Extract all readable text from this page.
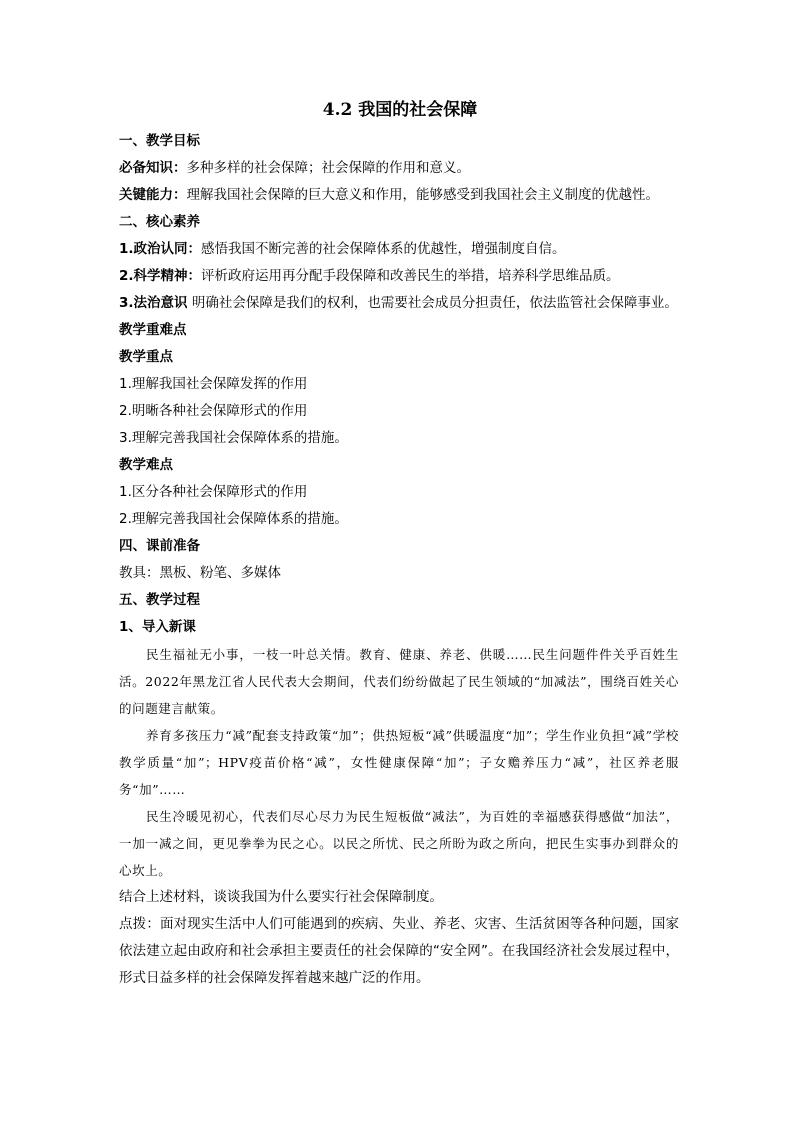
4.2 我国的社会保障

一、教学目标

必备知识：多种多样的社会保障；社会保障的作用和意义。

关键能力：理解我国社会保障的巨大意义和作用，能够感受到我国社会主义制度的优越性。

二、核心素养

1.政治认同：感悟我国不断完善的社会保障体系的优越性，增强制度自信。

2.科学精神：评析政府运用再分配手段保障和改善民生的举措，培养科学思维品质。

3.法治意识 明确社会保障是我们的权利，也需要社会成员分担责任，依法监管社会保障事业。

教学重难点

教学重点

1.理解我国社会保障发挥的作用

2.明晰各种社会保障形式的作用

3.理解完善我国社会保障体系的措施。

教学难点

1.区分各种社会保障形式的作用

2.理解完善我国社会保障体系的措施。

四、课前准备

教具：黑板、粉笔、多媒体

五、教学过程

1、导入新课

民生福祉无小事，一枝一叶总关情。教育、健康、养老、供暖……民生问题件件关乎百姓生活。2022年黑龙江省人民代表大会期间，代表们纷纷做起了民生领域的“加减法”，围绕百姓关心的问题建言献策。

养育多孩压力“减”配套支持政策“加”；供热短板“减”供暖温度“加”；学生作业负担“减”学校教学质量“加”；HPV疫苗价格“减”，女性健康保障“加”；子女赡养压力“减”，社区养老服务“加”……

民生冷暖见初心，代表们尽心尽力为民生短板做“减法”，为百姓的幸福感获得感做“加法”，一加一减之间，更见拳拳为民之心。以民之所忧、民之所盼为政之所向，把民生实事办到群众的心坎上。

结合上述材料，谈谈我国为什么要实行社会保障制度。

点拨：面对现实生活中人们可能遇到的疾病、失业、养老、灾害、生活贫困等各种问题，国家依法建立起由政府和社会承担主要责任的社会保障的“安全网”。在我国经济社会发展过程中，形式日益多样的社会保障发挥着越来越广泛的作用。
